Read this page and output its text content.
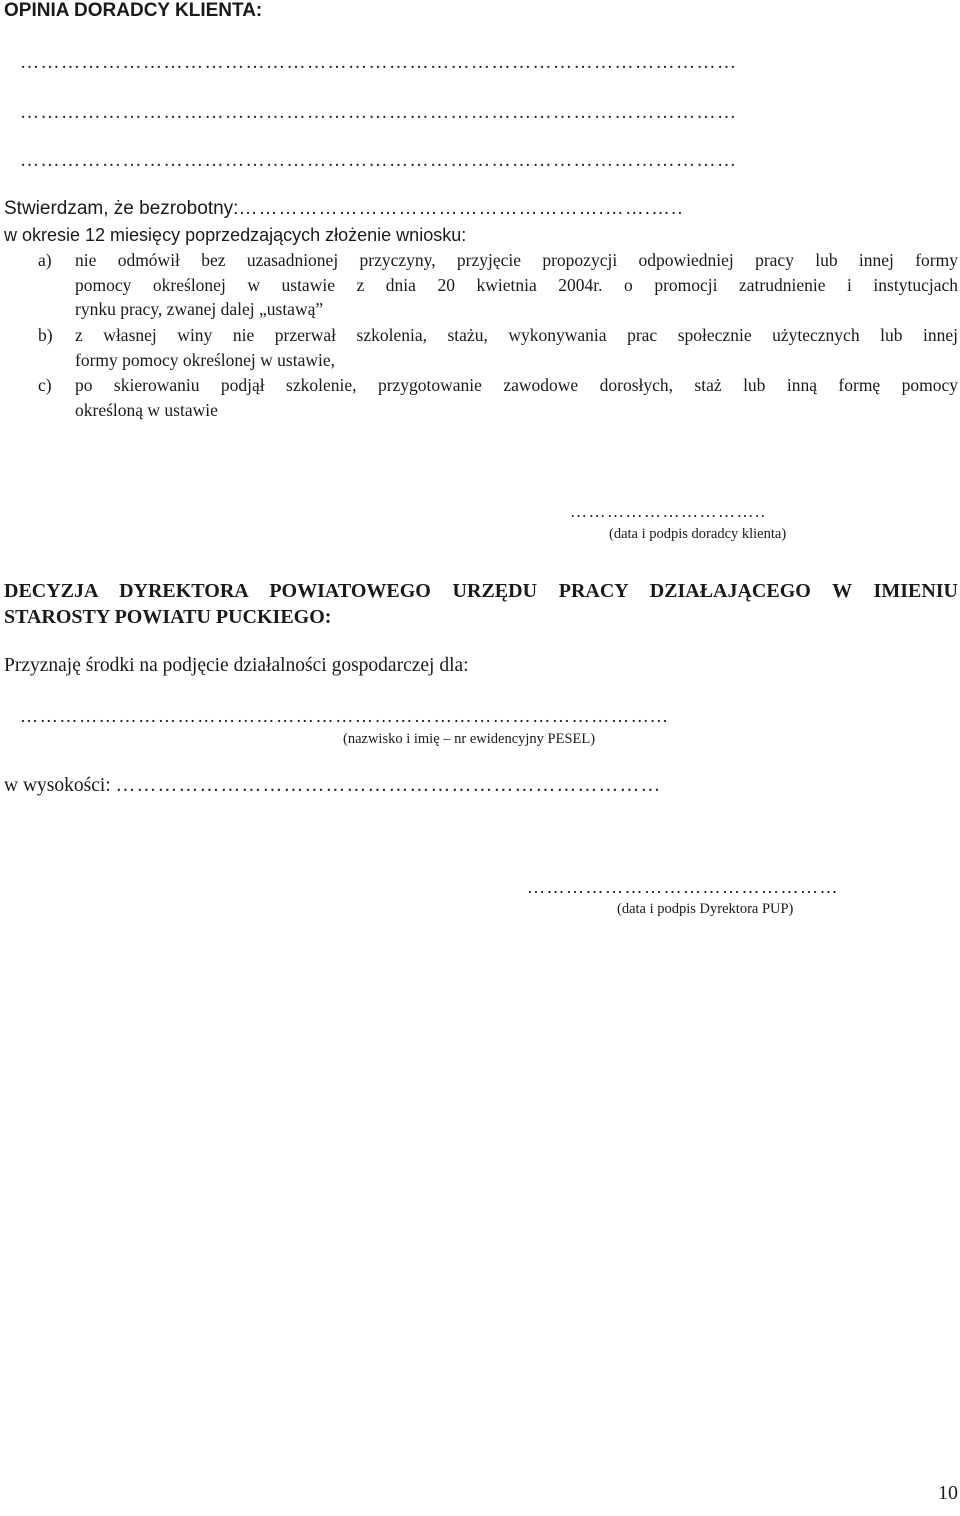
OPINIA DORADCY KLIENTA:
……………………………………………………………………………………………
……………………………………………………………………………………………
……………………………………………………………………………………………
Stwierdzam, że bezrobotny:……………………………………………….…….…..
w okresie 12 miesięcy poprzedzających złożenie wniosku:
a) nie odmówił bez uzasadnionej przyczyny, przyjęcie propozycji odpowiedniej pracy lub innej formy
pomocy określonej w ustawie z dnia 20 kwietnia 2004r. o promocji zatrudnienie i instytucjach
rynku pracy, zwanej dalej „ustawą”
b) z własnej winy nie przerwał szkolenia, stażu, wykonywania prac społecznie użytecznych lub innej
formy pomocy określonej w ustawie,
c) po skierowaniu podjął szkolenie, przygotowanie zawodowe dorosłych, staż lub inną formę pomocy
określoną w ustawie
…………………………..
(data i podpis doradcy klienta)
DECYZJA DYREKTORA POWIATOWEGO URZĘDU PRACY DZIAŁAJĄCEGO W IMIENIU
STAROSTY POWIATU PUCKIEGO:
Przyznaję środki na podjęcie działalności gospodarczej dla:
……………………………………………………………………………………...
(nazwisko i imię – nr ewidencyjny PESEL)
w wysokości: ……………………………………………………………………
…………………………………………
(data i podpis Dyrektora PUP)
10
